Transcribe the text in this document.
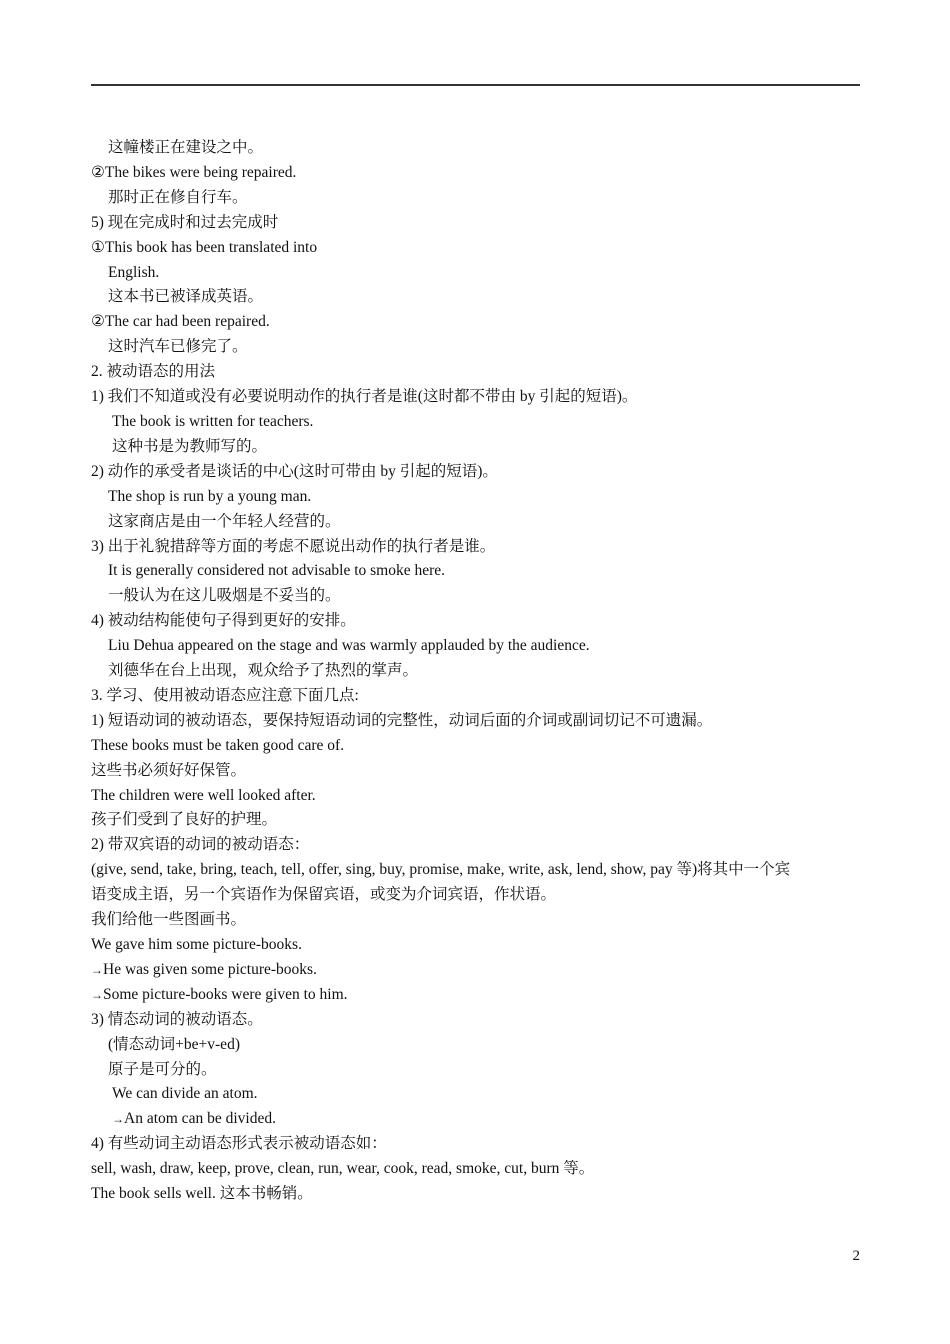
这幢楼正在建设之中。
②The bikes were being repaired.
那时正在修自行车。
5) 现在完成时和过去完成时
①This book has been translated into
English.
这本书已被译成英语。
②The car had been repaired.
这时汽车已修完了。
2. 被动语态的用法
1) 我们不知道或没有必要说明动作的执行者是谁(这时都不带由 by 引起的短语)。
The book is written for teachers.
这种书是为教师写的。
2) 动作的承受者是谈话的中心(这时可带由 by 引起的短语)。
The shop is run by a young man.
这家商店是由一个年轻人经营的。
3) 出于礼貌措辞等方面的考虑不愿说出动作的执行者是谁。
It is generally considered not advisable to smoke here.
一般认为在这儿吸烟是不妥当的。
4) 被动结构能使句子得到更好的安排。
Liu Dehua appeared on the stage and was warmly applauded by the audience.
刘德华在台上出现，观众给予了热烈的掌声。
3. 学习、使用被动语态应注意下面几点:
1) 短语动词的被动语态，要保持短语动词的完整性，动词后面的介词或副词切记不可遗漏。
These books must be taken good care of.
这些书必须好好保管。
The children were well looked after.
孩子们受到了良好的护理。
2) 带双宾语的动词的被动语态：
(give, send, take, bring, teach, tell, offer, sing, buy, promise, make, write, ask, lend, show, pay 等)将其中一个宾
语变成主语，另一个宾语作为保留宾语，或变为介词宾语，作状语。
我们给他一些图画书。
We gave him some picture-books.
→He was given some picture-books.
→Some picture-books were given to him.
3) 情态动词的被动语态。
(情态动词+be+v-ed)
原子是可分的。
We can divide an atom.
→An atom can be divided.
4) 有些动词主动语态形式表示被动语态如：
sell, wash, draw, keep, prove, clean, run, wear, cook, read, smoke, cut, burn 等。
The book sells well. 这本书畅销。
2
